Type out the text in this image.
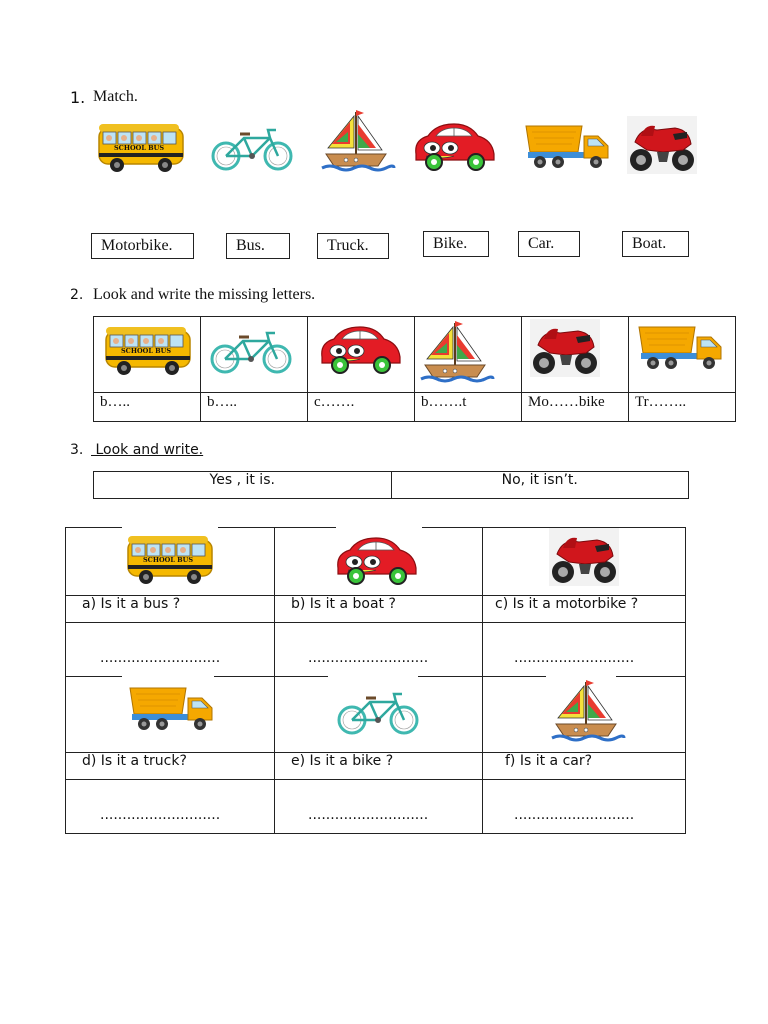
1. Match.
Motorbike.	Bus.	Truck.	Bike.	Car.	Boat.
2. Look and write the missing letters.

b…..	b…..	c…….	b…….t	Mo……bike	Tr……..
3. Look and write.
Yes , it is.	No, it isn’t.
a) Is it a bus ?	b) Is it a boat ?	c) Is it a motorbike ?
...........................	...........................	...........................
d) Is it a truck?	e) Is it a bike ?	f) Is it a car?
...........................	...........................	...........................
